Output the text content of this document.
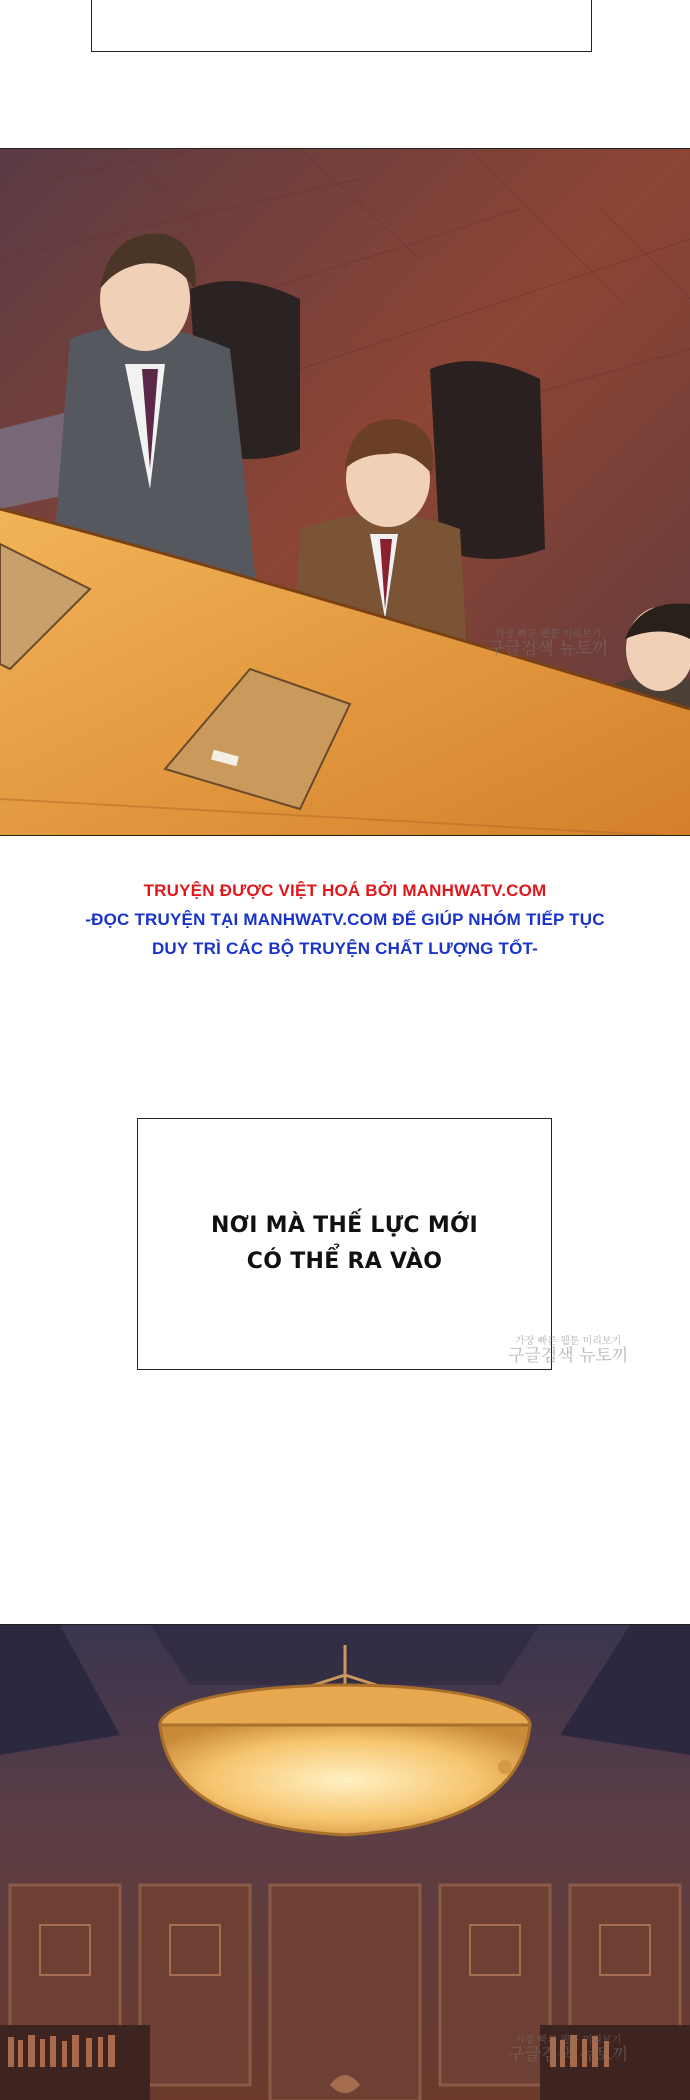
가장 빠른 웹툰 미리보기
구글검색 뉴토끼
TRUYỆN ĐƯỢC VIỆT HOÁ BỞI MANHWATV.COM
-ĐỌC TRUYỆN TẠI MANHWATV.COM ĐỂ GIÚP NHÓM TIẾP TỤC
DUY TRÌ CÁC BỘ TRUYỆN CHẤT LƯỢNG TỐT-
NƠI MÀ THẾ LỰC MỚI
CÓ THỂ RA VÀO
가장 빠른 웹툰 미리보기
구글검색 뉴토끼
가장 빠른 웹툰 미리보기
구글검색 뉴토끼
